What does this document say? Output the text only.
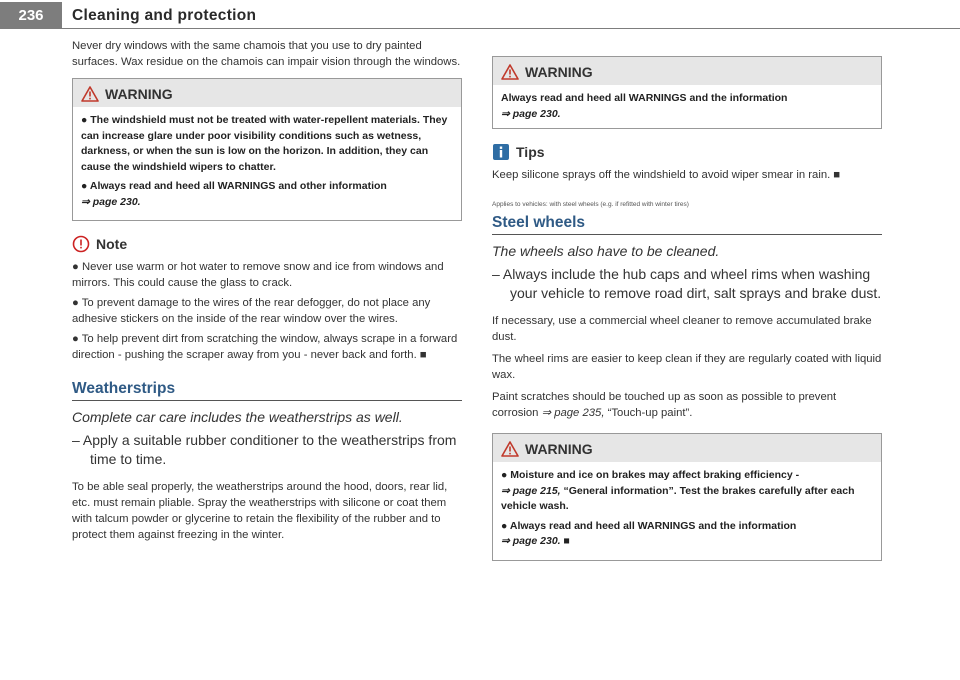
236	Cleaning and protection

Never dry windows with the same chamois that you use to dry painted surfaces. Wax residue on the chamois can impair vision through the windows.

WARNING
● The windshield must not be treated with water-repellent materials. They can increase glare under poor visibility conditions such as wetness, darkness, or when the sun is low on the horizon. In addition, they can cause the windshield wipers to chatter.
● Always read and heed all WARNINGS and other information
⇒ page 230.
Note

● Never use warm or hot water to remove snow and ice from windows and mirrors. This could cause the glass to crack.

● To prevent damage to the wires of the rear defogger, do not place any adhesive stickers on the inside of the rear window over the wires.

● To help prevent dirt from scratching the window, always scrape in a forward direction - pushing the scraper away from you - never back and forth. ■

Weatherstrips
Complete car care includes the weatherstrips as well.
– Apply a suitable rubber conditioner to the weatherstrips from time to time.

To be able seal properly, the weatherstrips around the hood, doors, rear lid, etc. must remain pliable. Spray the weatherstrips with silicone or coat them with talcum powder or glycerine to retain the flexibility of the rubber and to protect them against freezing in the winter.

WARNING
Always read and heed all WARNINGS and the information
⇒ page 230.
Tips

Keep silicone sprays off the windshield to avoid wiper smear in rain. ■

Applies to vehicles: with steel wheels (e.g. if refitted with winter tires)
Steel wheels
The wheels also have to be cleaned.
– Always include the hub caps and wheel rims when washing your vehicle to remove road dirt, salt sprays and brake dust.

If necessary, use a commercial wheel cleaner to remove accumulated brake dust.

The wheel rims are easier to keep clean if they are regularly coated with liquid wax.

Paint scratches should be touched up as soon as possible to prevent corrosion ⇒ page 235, “Touch-up paint”.

WARNING
● Moisture and ice on brakes may affect braking efficiency -
⇒ page 215, “General information”. Test the brakes carefully after each vehicle wash.
● Always read and heed all WARNINGS and the information
⇒ page 230. ■
